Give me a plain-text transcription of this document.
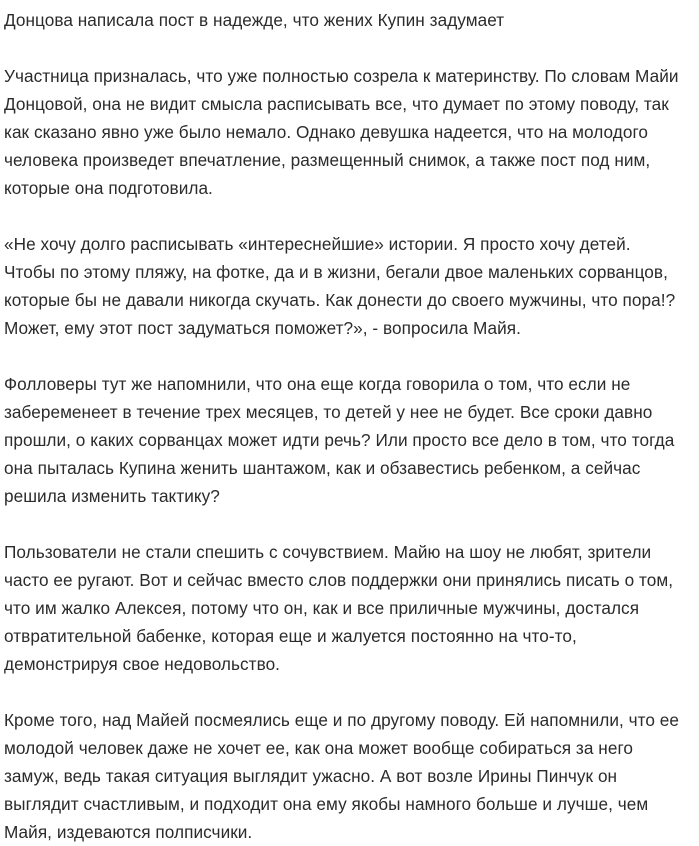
Донцова написала пост в надежде, что жених Купин задумает

Участница призналась, что уже полностью созрела к материнству. По словам Майи Донцовой, она не видит смысла расписывать все, что думает по этому поводу, так как сказано явно уже было немало. Однако девушка надеется, что на молодого человека произведет впечатление, размещенный снимок, а также пост под ним, которые она подготовила.

«Не хочу долго расписывать «интереснейшие» истории. Я просто хочу детей. Чтобы по этому пляжу, на фотке, да и в жизни, бегали двое маленьких сорванцов, которые бы не давали никогда скучать. Как донести до своего мужчины, что пора!? Может, ему этот пост задуматься поможет?», - вопросила Майя.

Фолловеры тут же напомнили, что она еще когда говорила о том, что если не забеременеет в течение трех месяцев, то детей у нее не будет. Все сроки давно прошли, о каких сорванцах может идти речь? Или просто все дело в том, что тогда она пыталась Купина женить шантажом, как и обзавестись ребенком, а сейчас решила изменить тактику?

Пользователи не стали спешить с сочувствием. Майю на шоу не любят, зрители часто ее ругают. Вот и сейчас вместо слов поддержки они принялись писать о том, что им жалко Алексея, потому что он, как и все приличные мужчины, достался отвратительной бабенке, которая еще и жалуется постоянно на что-то, демонстрируя свое недовольство.

Кроме того, над Майей посмеялись еще и по другому поводу. Ей напомнили, что ее молодой человек даже не хочет ее, как она может вообще собираться за него замуж, ведь такая ситуация выглядит ужасно. А вот возле Ирины Пинчук он выглядит счастливым, и подходит она ему якобы намного больше и лучше, чем Майя, издеваются полписчики.
